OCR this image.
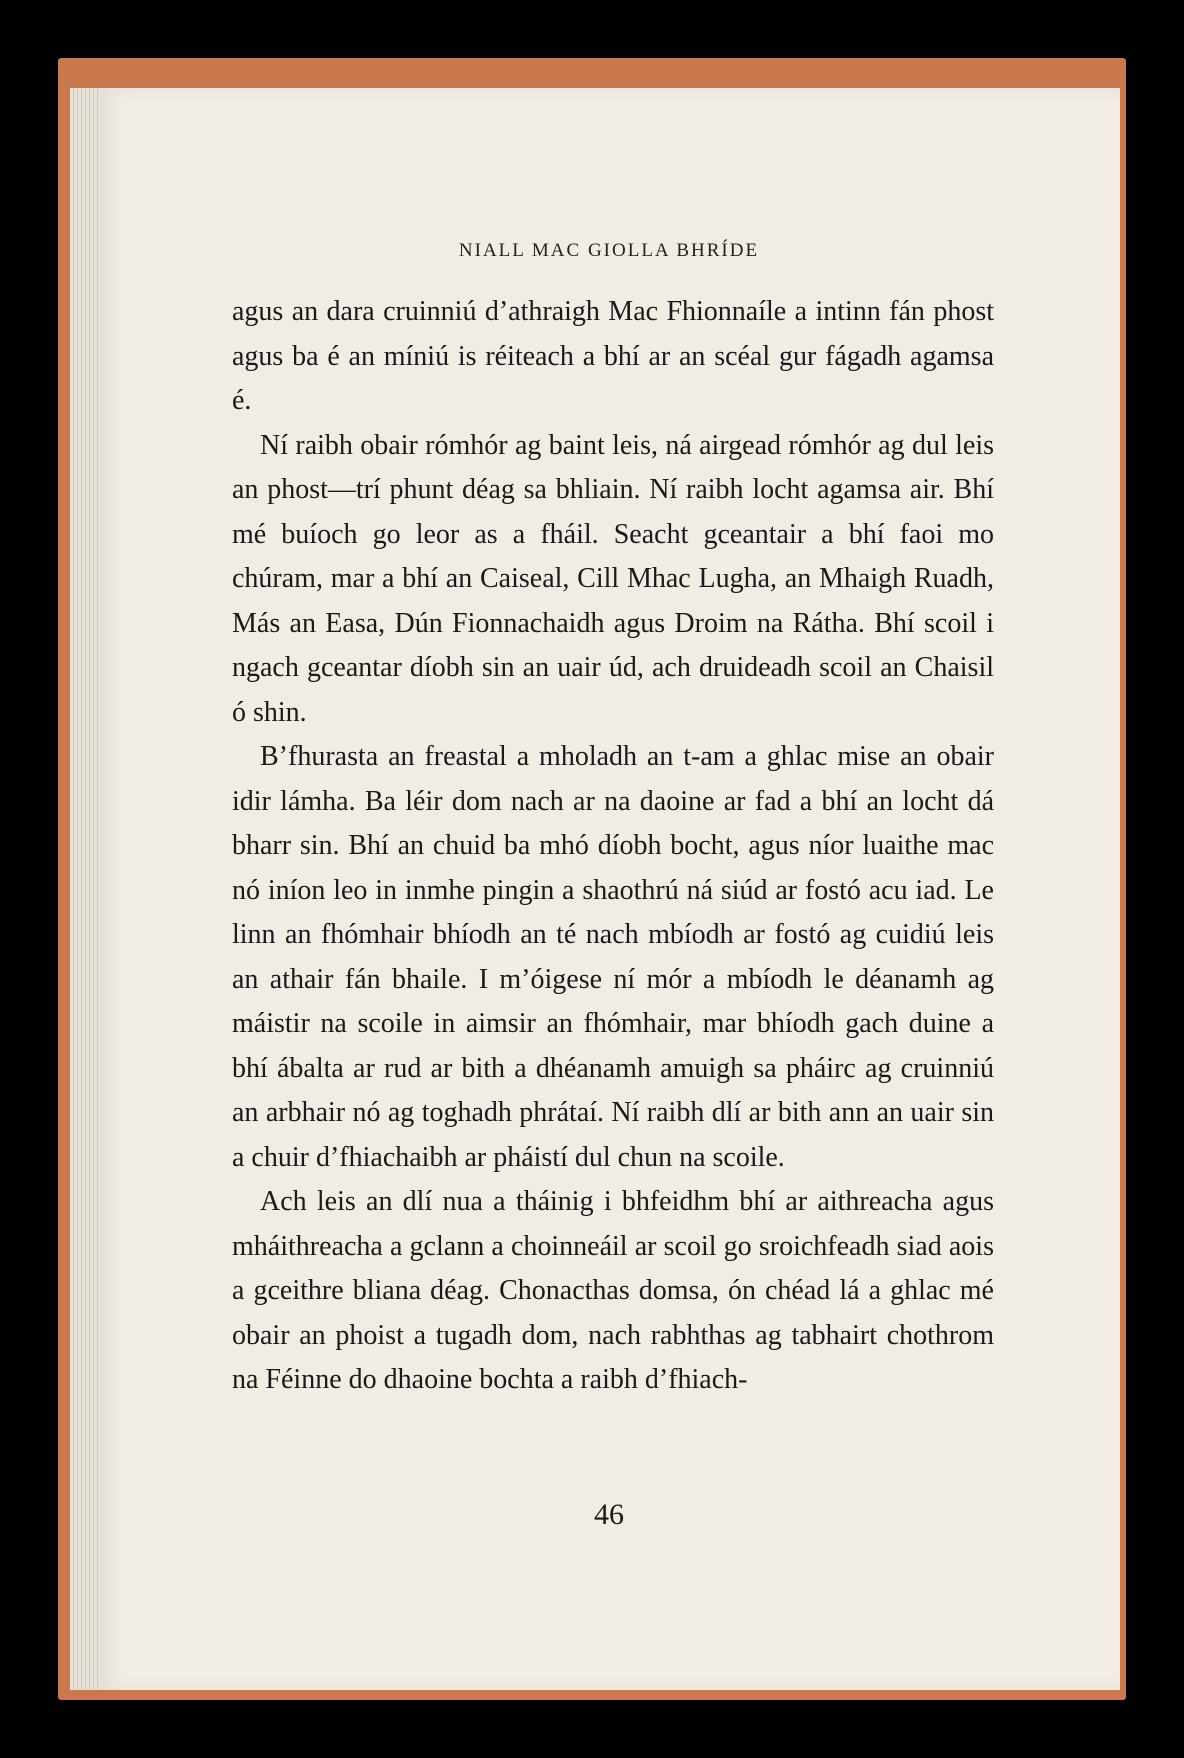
NIALL MAC GIOLLA BHRÍDE

agus an dara cruinniú d’athraigh Mac Fhionnaíle a intinn fán phost agus ba é an míniú is réiteach a bhí ar an scéal gur fágadh agamsa é.

Ní raibh obair rómhór ag baint leis, ná airgead rómhór ag dul leis an phost—trí phunt déag sa bhliain. Ní raibh locht agamsa air. Bhí mé buíoch go leor as a fháil. Seacht gceantair a bhí faoi mo chúram, mar a bhí an Caiseal, Cill Mhac Lugha, an Mhaigh Ruadh, Más an Easa, Dún Fionnachaidh agus Droim na Rátha. Bhí scoil i ngach gceantar díobh sin an uair úd, ach druideadh scoil an Chaisil ó shin.

B’fhurasta an freastal a mholadh an t-am a ghlac mise an obair idir lámha. Ba léir dom nach ar na daoine ar fad a bhí an locht dá bharr sin. Bhí an chuid ba mhó díobh bocht, agus níor luaithe mac nó iníon leo in inmhe pingin a shaothrú ná siúd ar fostó acu iad. Le linn an fhómhair bhíodh an té nach mbíodh ar fostó ag cuidiú leis an athair fán bhaile. I m’óigese ní mór a mbíodh le déanamh ag máistir na scoile in aimsir an fhómhair, mar bhíodh gach duine a bhí ábalta ar rud ar bith a dhéanamh amuigh sa pháirc ag cruinniú an arbhair nó ag toghadh phrátaí. Ní raibh dlí ar bith ann an uair sin a chuir d’fhiachaibh ar pháistí dul chun na scoile.

Ach leis an dlí nua a tháinig i bhfeidhm bhí ar aithreacha agus mháithreacha a gclann a choinneáil ar scoil go sroichfeadh siad aois a gceithre bliana déag. Chonacthas domsa, ón chéad lá a ghlac mé obair an phoist a tugadh dom, nach rabhthas ag tabhairt chothrom na Féinne do dhaoine bochta a raibh d’fhiach-

46
